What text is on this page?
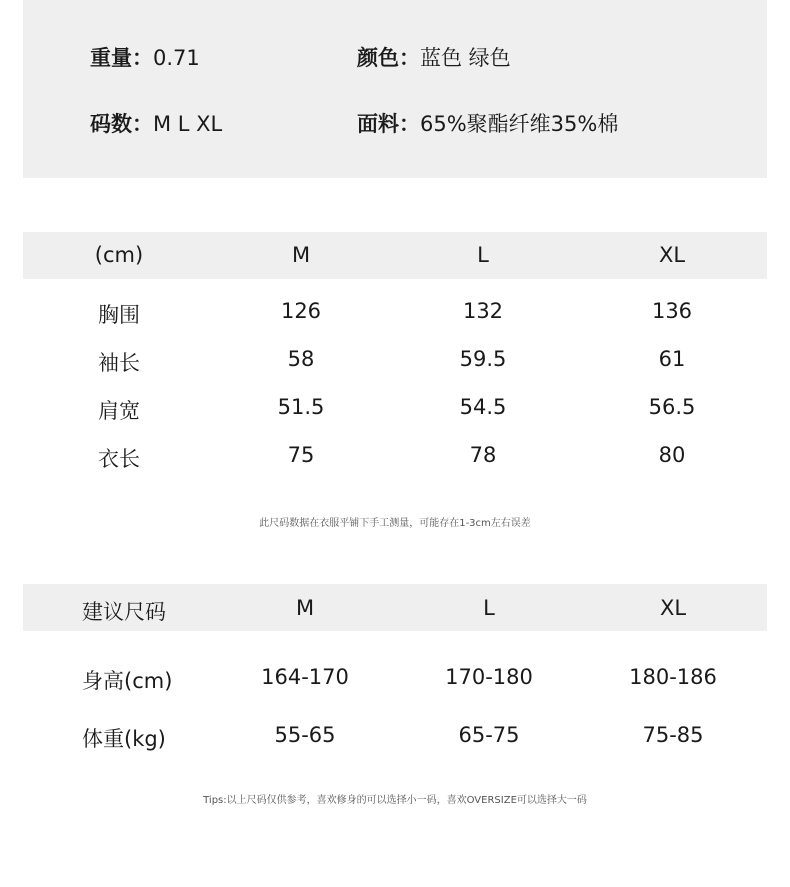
重量：0.71	颜色：蓝色 绿色
码数：M L XL	面料：65%聚酯纤维35%棉
(cm)	M	L	XL
胸围	126	132	136
袖长	58	59.5	61
肩宽	51.5	54.5	56.5
衣长	75	78	80
此尺码数据在衣服平铺下手工测量，可能存在1-3cm左右误差
建议尺码	M	L	XL
身高(cm)	164-170	170-180	180-186
体重(kg)	55-65	65-75	75-85
Tips:以上尺码仅供参考，喜欢修身的可以选择小一码，喜欢OVERSIZE可以选择大一码
